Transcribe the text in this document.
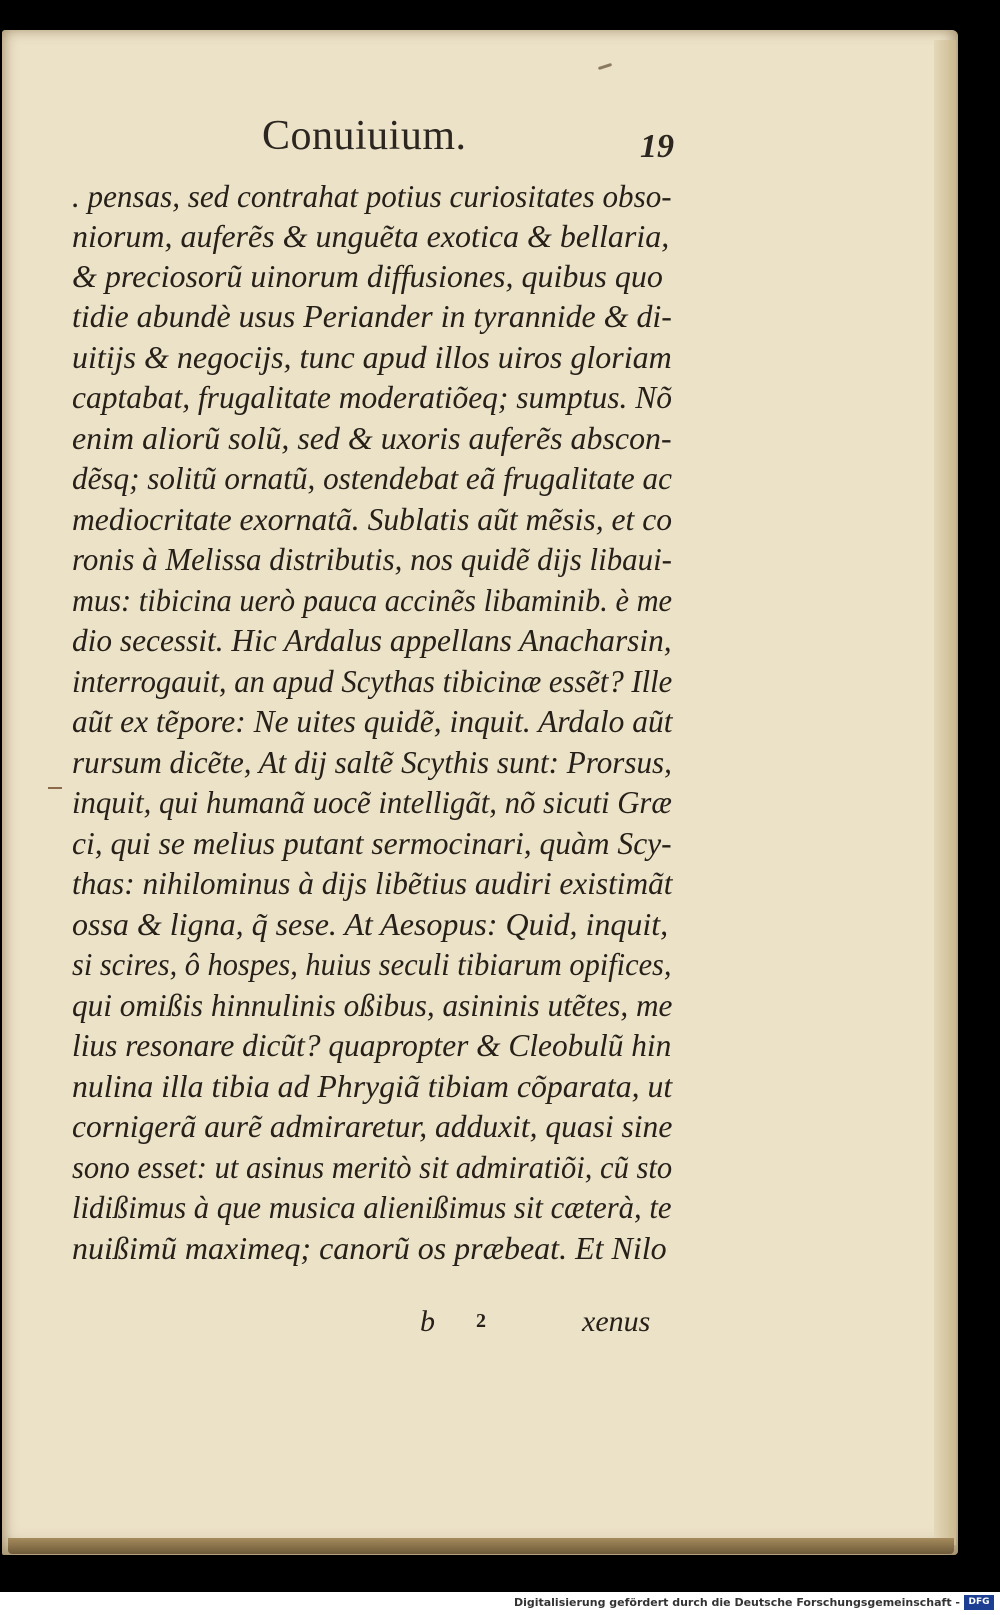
Conuiuium.	19
. pensas, sed contrahat potius curiositates obso-
niorum, auferẽs & unguẽta exotica & bellaria,
& preciosorũ uinorum diffusiones, quibus quo
tidie abundè usus Periander in tyrannide & di-
uitijs & negocijs, tunc apud illos uiros gloriam
captabat, frugalitate moderatiõeq; sumptus. Nõ
enim aliorũ solũ, sed & uxoris auferẽs abscon-
dẽsq; solitũ ornatũ, ostendebat eã frugalitate ac
mediocritate exornatã. Sublatis aũt mẽsis, et co
ronis à Melissa distributis, nos quidẽ dijs libaui-
mus: tibicina uerò pauca accinẽs libaminib. è me
dio secessit. Hic Ardalus appellans Anacharsin,
interrogauit, an apud Scythas tibicinæ essẽt? Ille
aũt ex tẽpore: Ne uites quidẽ, inquit. Ardalo aũt
rursum dicẽte, At dij saltẽ Scythis sunt: Prorsus,
inquit, qui humanã uocẽ intelligãt, nõ sicuti Græ
ci, qui se melius putant sermocinari, quàm Scy-
thas: nihilominus à dijs libẽtius audiri existimãt
ossa & ligna, q̃ sese. At Aesopus: Quid, inquit,
si scires, ô hospes, huius seculi tibiarum opifices,
qui omißis hinnulinis oßibus, asininis utẽtes, me
lius resonare dicũt? quapropter & Cleobulũ hin
nulina illa tibia ad Phrygiã tibiam cõparata, ut
cornigerã aurẽ admiraretur, adduxit, quasi sine
sono esset: ut asinus meritò sit admiratiõi, cũ sto
lidißimus à que musica alienißimus sit cæterà, te
nuißimũ maximeq; canorũ os præbeat. Et Nilo
b 2	xenus
Digitalisierung gefördert durch die Deutsche Forschungsgemeinschaft - DFG
